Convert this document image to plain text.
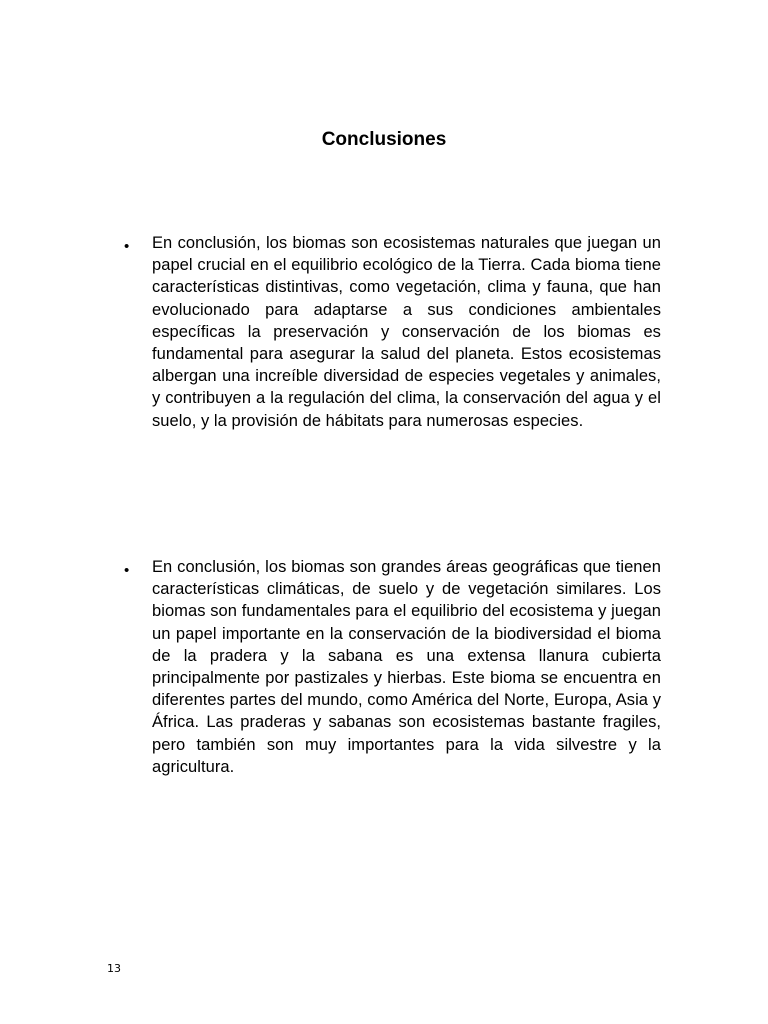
Conclusiones
• En conclusión, los biomas son ecosistemas naturales que juegan un papel crucial en el equilibrio ecológico de la Tierra. Cada bioma tiene características distintivas, como vegetación, clima y fauna, que han evolucionado para adaptarse a sus condiciones ambientales específicas la preservación y conservación de los biomas es fundamental para asegurar la salud del planeta. Estos ecosistemas albergan una increíble diversidad de especies vegetales y animales, y contribuyen a la regulación del clima, la conservación del agua y el suelo, y la provisión de hábitats para numerosas especies.
• En conclusión, los biomas son grandes áreas geográficas que tienen características climáticas, de suelo y de vegetación similares. Los biomas son fundamentales para el equilibrio del ecosistema y juegan un papel importante en la conservación de la biodiversidad el bioma de la pradera y la sabana es una extensa llanura cubierta principalmente por pastizales y hierbas. Este bioma se encuentra en diferentes partes del mundo, como América del Norte, Europa, Asia y África. Las praderas y sabanas son ecosistemas bastante fragiles, pero también son muy importantes para la vida silvestre y la agricultura.
13
